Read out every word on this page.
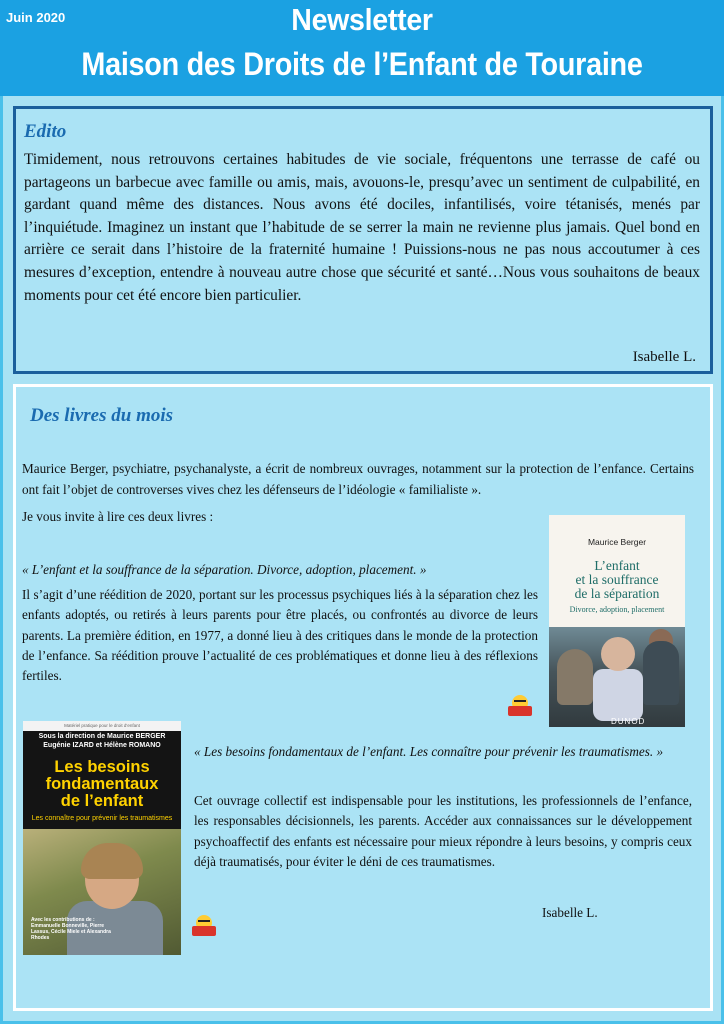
Juin 2020	Newsletter
Maison des Droits de l’Enfant de Touraine
Edito
Timidement, nous retrouvons certaines habitudes de vie sociale, fréquentons une terrasse de café ou partageons un barbecue avec famille ou amis, mais, avouons-le, presqu’avec un sentiment de culpabilité, en gardant quand même des distances. Nous avons été dociles, infantilisés, voire tétanisés, menés par l’inquiétude. Imaginez un instant que l’habitude de se serrer la main ne revienne plus jamais. Quel bond en arrière ce serait dans l’histoire de la fraternité humaine ! Puissions-nous ne pas nous accoutumer à ces mesures d’exception, entendre à nouveau autre chose que sécurité et santé…Nous vous souhaitons de beaux moments pour cet été encore bien particulier.
Isabelle L.
Des livres du mois
Maurice Berger, psychiatre, psychanalyste, a écrit de nombreux ouvrages, notamment sur la protection de l’enfance. Certains ont fait l’objet de controverses vives chez les défenseurs de l’idéologie « familialiste ».
Je vous invite à lire ces deux livres :
« L’enfant et la souffrance de la séparation. Divorce, adoption, placement. »
Il s’agit d’une réédition de 2020, portant sur les processus psychiques liés à la séparation chez les enfants adoptés, ou retirés à leurs parents pour être placés, ou confrontés au divorce de leurs parents. La première édition, en 1977, a donné lieu à des critiques dans le monde de la protection de l’enfance. Sa réédition prouve l’actualité de ces problématiques et donne lieu à des réflexions fertiles.
Maurice Berger
L’enfant
et la souffrance
de la séparation
Divorce, adoption, placement
DUNOD
Matériel pratique pour le droit d’enfant
Sous la direction de Maurice BERGER
Eugénie IZARD et Hélène ROMANO
Les besoins
fondamentaux
de l’enfant
Les connaître pour prévenir les traumatismes
Avec les contributions de : Emmanuelle Bonneville, Pierre Lassus, Cécile Miele et Alexandra Rhodes
« Les besoins fondamentaux de l’enfant. Les connaître pour prévenir les traumatismes. »
Cet ouvrage collectif est indispensable pour les institutions, les professionnels de l’enfance, les responsables décisionnels, les parents. Accéder aux connaissances sur le développement psychoaffectif des enfants est nécessaire pour mieux répondre à leurs besoins, y compris ceux déjà traumatisés, pour éviter le déni de ces traumatismes.
Isabelle L.
